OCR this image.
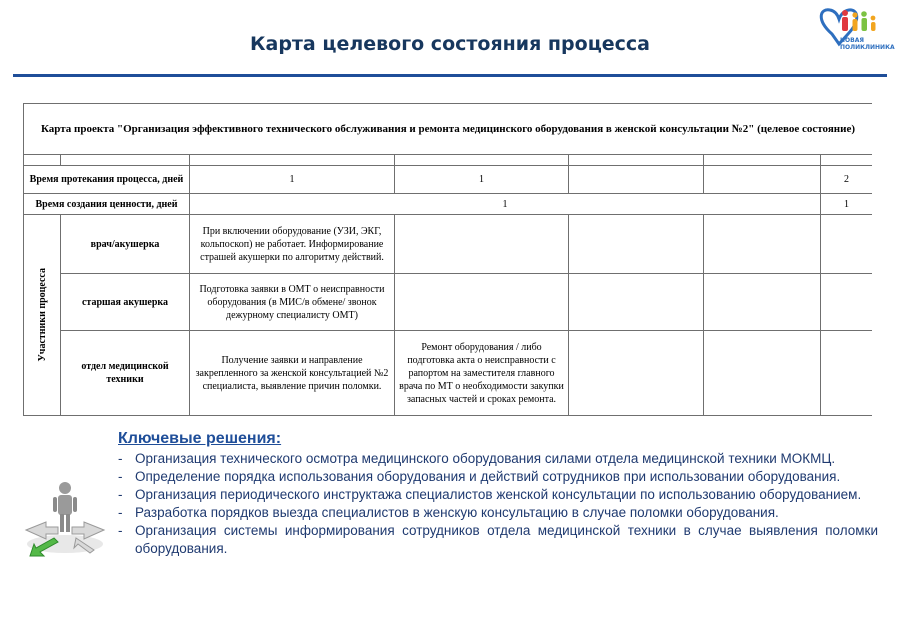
Карта целевого состояния процесса	НОВАЯ
ПОЛИКЛИНИКА
Карта проекта "Организация эффективного технического обслуживания и ремонта медицинского оборудования в женской консультации №2" (целевое состояние)						

Время протекания процесса, дней		1	1			2
Время создания ценности, дней		1				1

Участники процесса	врач/акушерка	При включении оборудование (УЗИ, ЭКГ, кольпоскоп) не работает. Информирование страшей акушерки по алгоритму действий.				
	старшая акушерка	Подготовка заявки в ОМТ о неисправности оборудования (в МИС/в обмене/ звонок дежурному специалисту ОМТ)				
	отдел медицинской техники	Получение заявки и направление закрепленного за женской консультацией №2 специалиста, выявление причин поломки.	Ремонт оборудования / либо подготовка акта о неисправности с рапортом на заместителя главного врача по МТ о необходимости закупки запасных частей и сроках ремонта.			
Ключевые решения:
- Организация технического осмотра медицинского оборудования силами отдела медицинской техники МОКМЦ.
- Определение порядка использования оборудования и действий сотрудников при использовании оборудования.
- Организация периодического инструктажа специалистов женской консультации по использованию оборудованием.
- Разработка порядков выезда специалистов в женскую консультацию в случае поломки оборудования.
- Организация системы информирования сотрудников отдела медицинской техники в случае выявления поломки оборудования.
